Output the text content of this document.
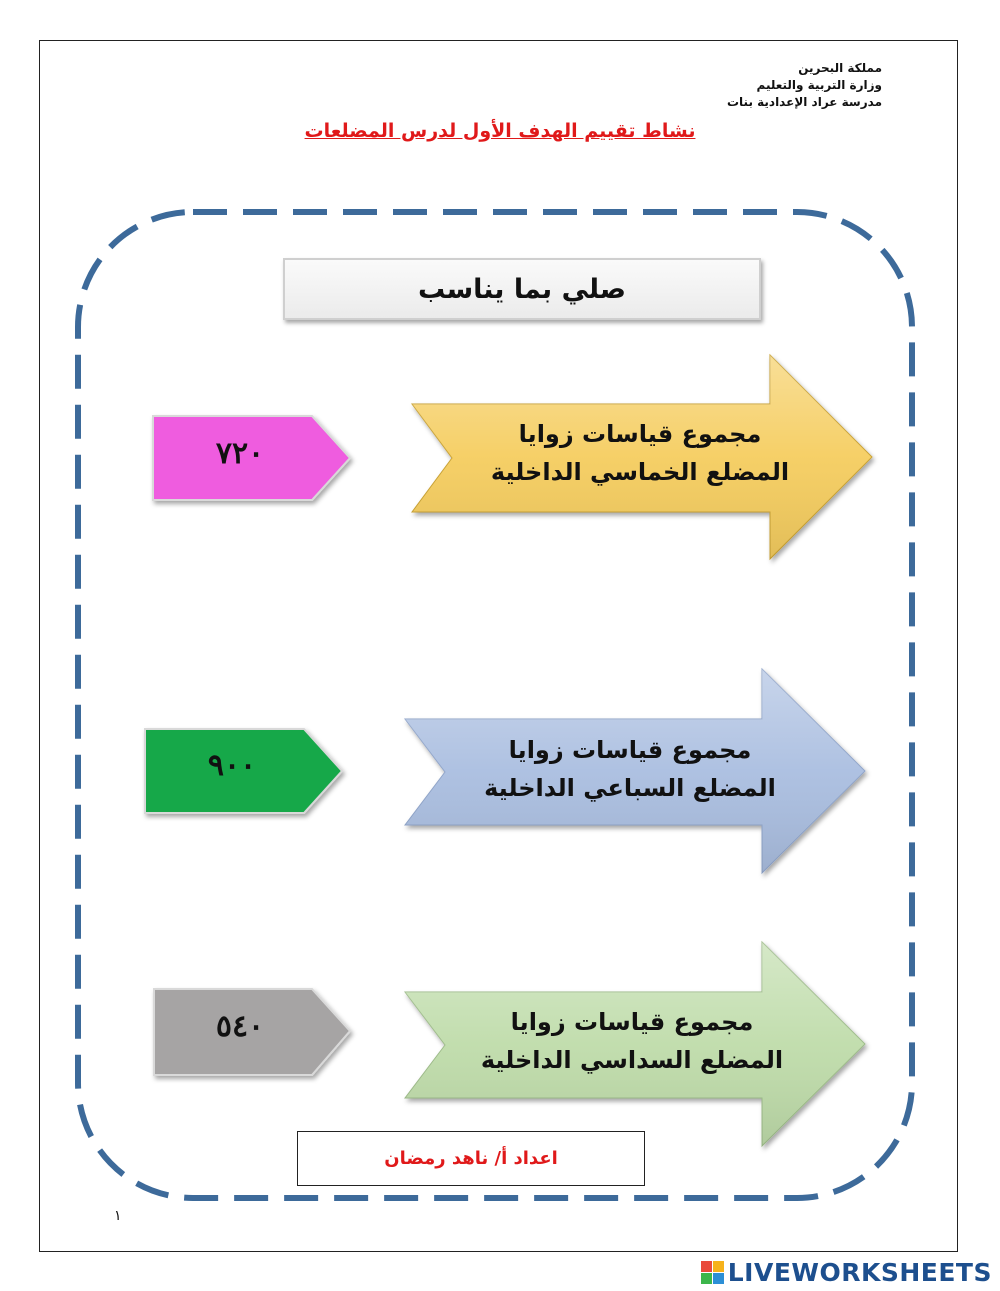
مملكة البحرين
وزارة التربية والتعليم
مدرسة عراد الإعدادية بنات
نشاط تقييم الهدف الأول لدرس المضلعات
صلي بما يناسب
مجموع قياسات زوايا
المضلع الخماسي الداخلية
٧٢٠
مجموع قياسات زوايا
المضلع السباعي الداخلية
٩٠٠
مجموع قياسات زوايا
المضلع السداسي الداخلية
٥٤٠
اعداد أ/ ناهد رمضان
١
LIVEWORKSHEETS
